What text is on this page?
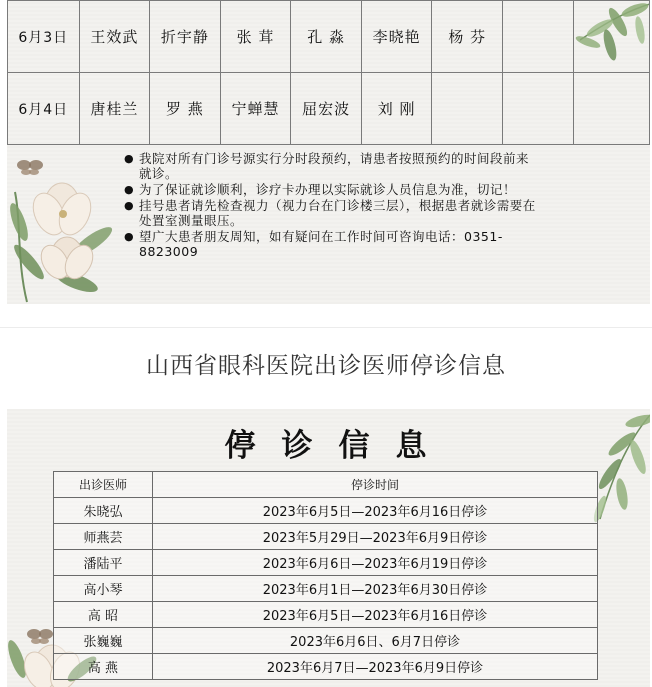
6月3日	王效武	折宇静	张 茸	孔 淼	李晓艳	杨 芬		
6月4日	唐桂兰	罗 燕	宁蝉慧	屈宏波	刘 刚			
● 我院对所有门诊号源实行分时段预约，请患者按照预约的时间段前来就诊。
● 为了保证就诊顺利，诊疗卡办理以实际就诊人员信息为准，切记！
● 挂号患者请先检查视力（视力台在门诊楼三层），根据患者就诊需要在处置室测量眼压。
● 望广大患者朋友周知，如有疑问在工作时间可咨询电话：0351-8823009
山西省眼科医院出诊医师停诊信息
停诊信息
出诊医师	停诊时间
朱晓弘	2023年6月5日—2023年6月16日停诊
师燕芸	2023年5月29日—2023年6月9日停诊
潘陆平	2023年6月6日—2023年6月19日停诊
高小琴	2023年6月1日—2023年6月30日停诊
高 昭	2023年6月5日—2023年6月16日停诊
张巍巍	2023年6月6日、6月7日停诊
高 燕	2023年6月7日—2023年6月9日停诊
